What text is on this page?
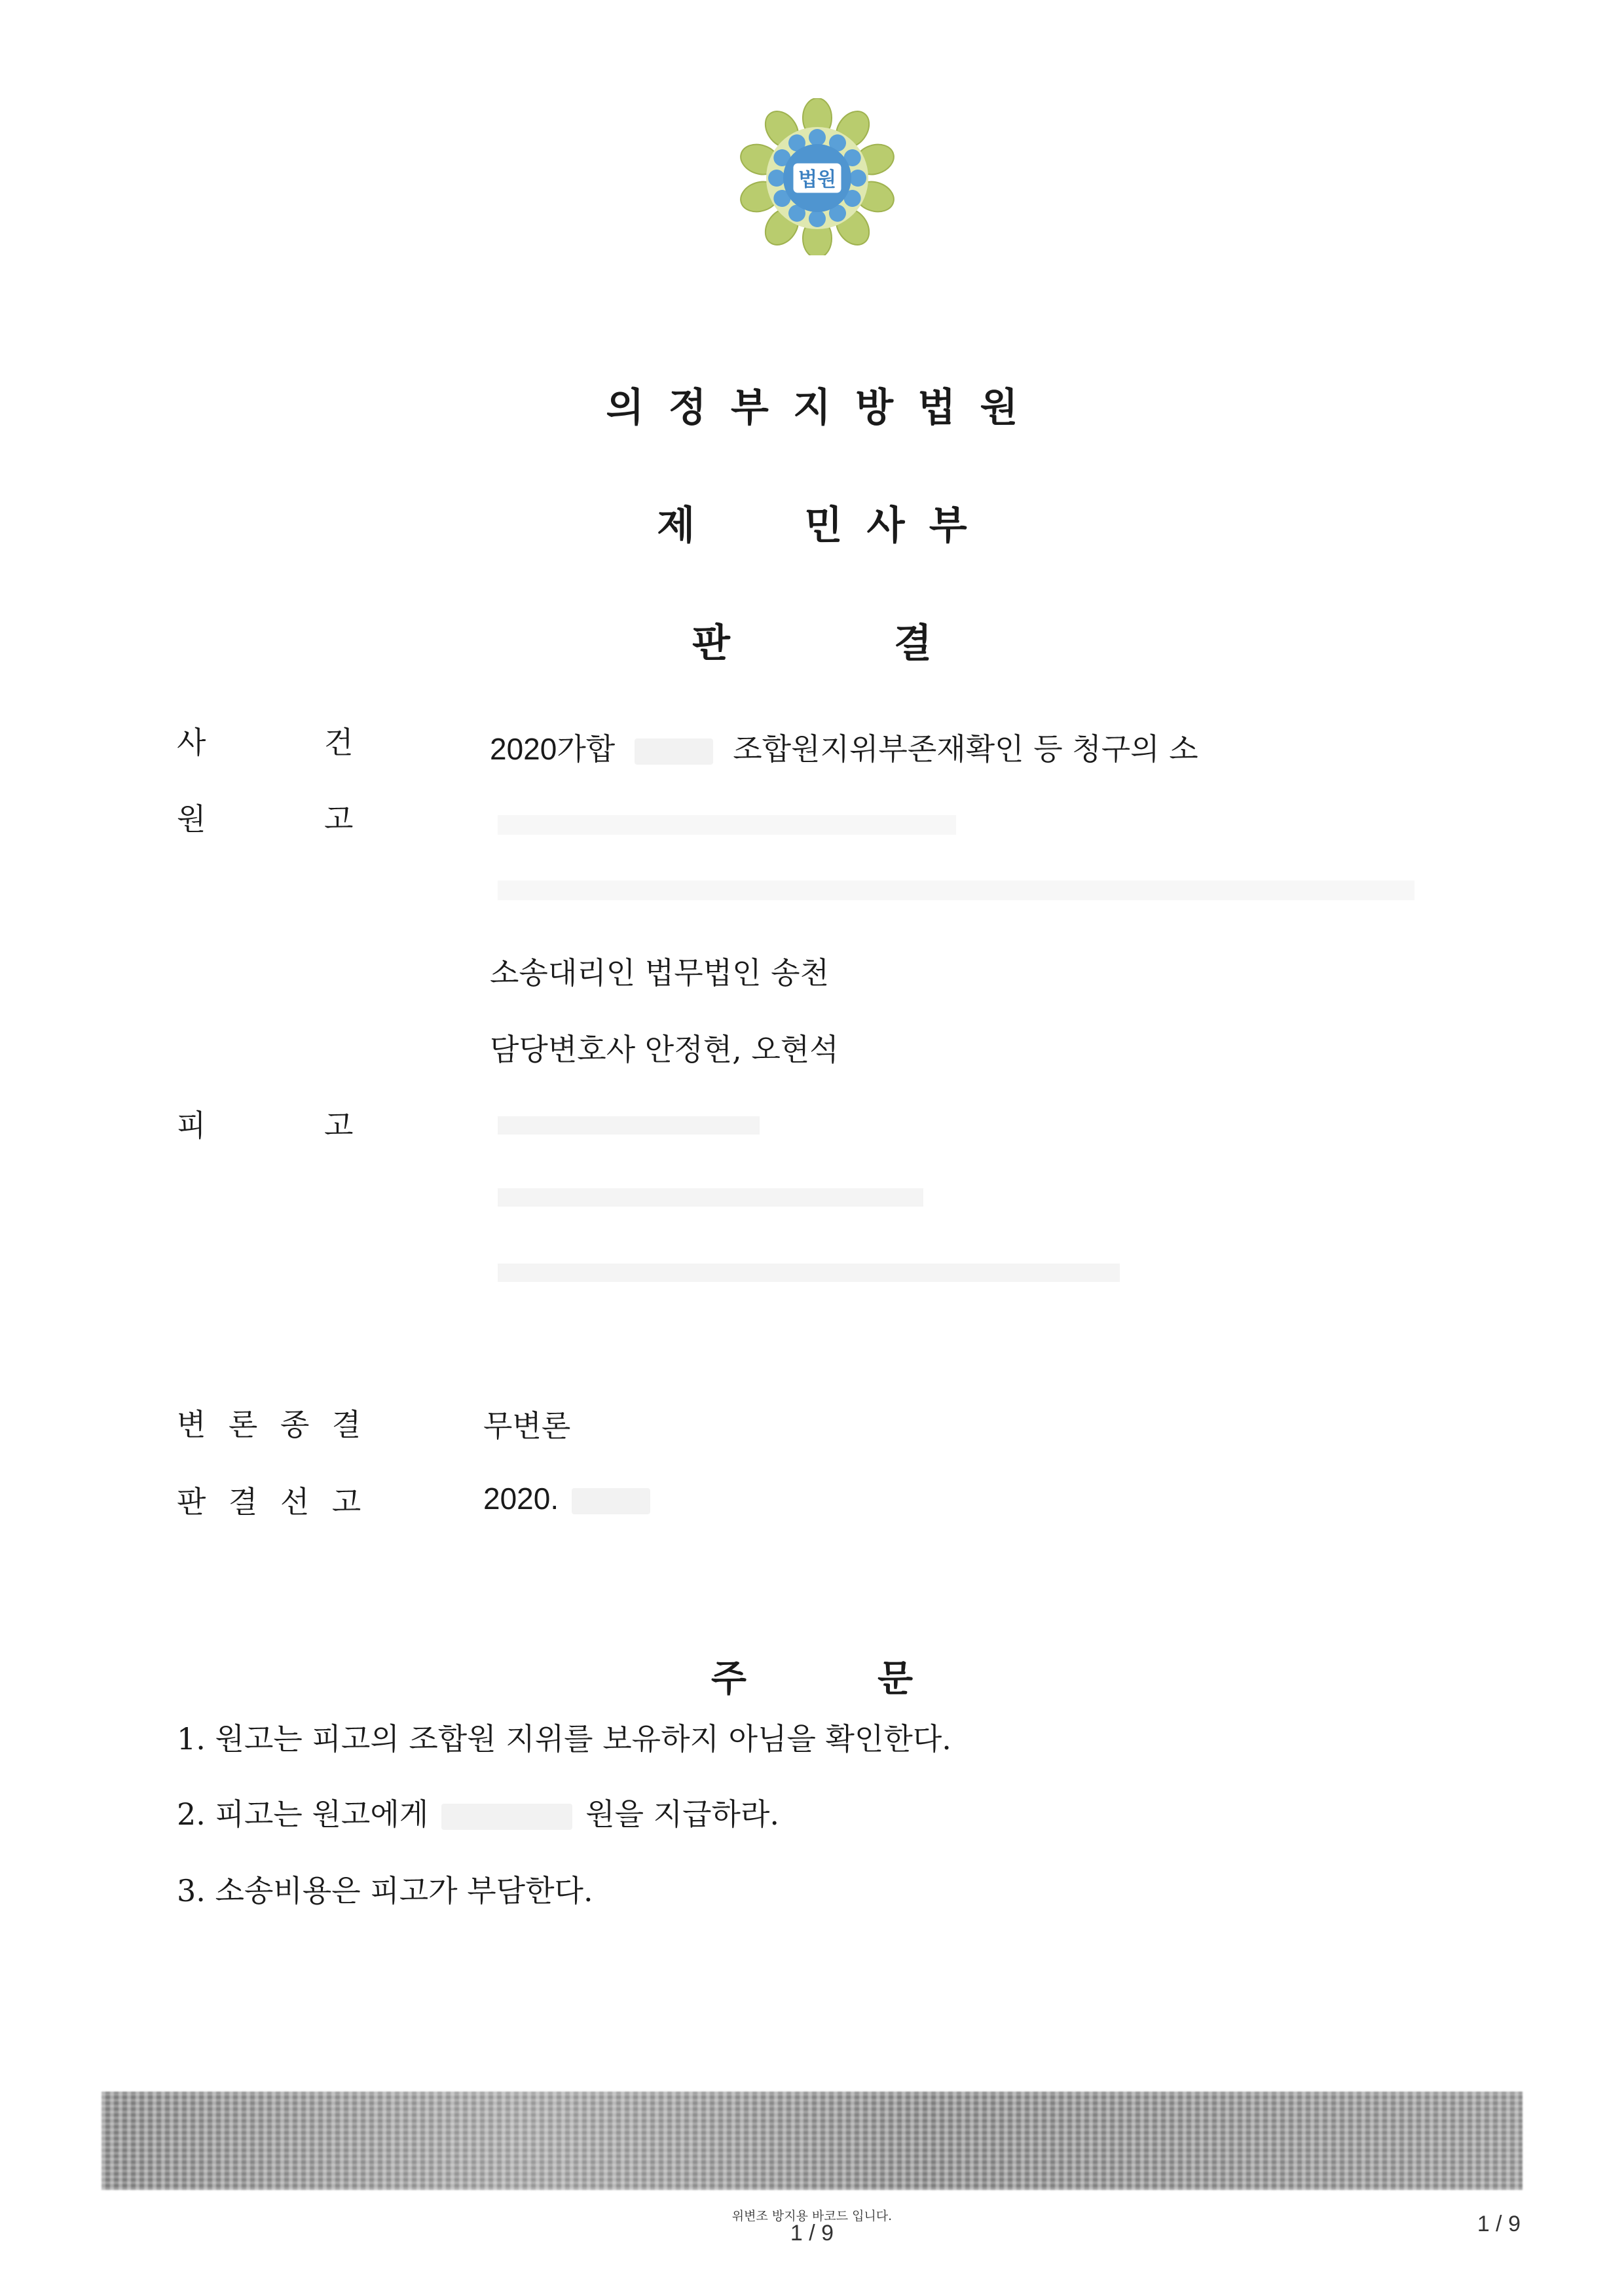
법원
의정부지방법원
제 민사부
판	결
사	건	2020가합	조합원지위부존재확인 등 청구의 소
원	고
소송대리인 법무법인 송천
담당변호사 안정현, 오현석
피	고
변론종결	무변론
판결선고	2020.
주	문
1. 원고는 피고의 조합원 지위를 보유하지 아님을 확인한다.
2. 피고는 원고에게	원을 지급하라.
3. 소송비용은 피고가 부담한다.
위변조 방지용 바코드 입니다.
1 / 9	1 / 9
